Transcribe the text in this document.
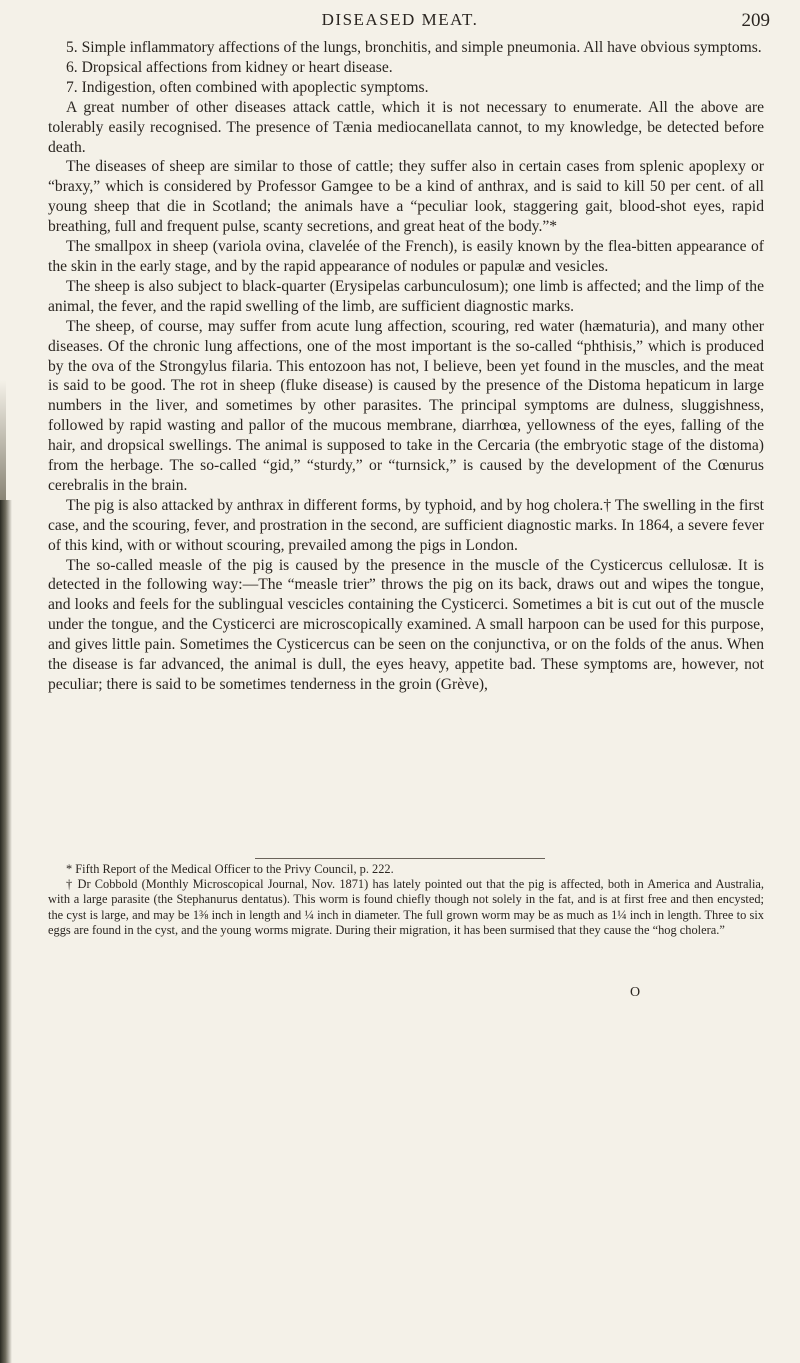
DISEASED MEAT.	209

5. Simple inflammatory affections of the lungs, bronchitis, and simple pneumonia. All have obvious symptoms.

6. Dropsical affections from kidney or heart disease.

7. Indigestion, often combined with apoplectic symptoms.

A great number of other diseases attack cattle, which it is not necessary to enumerate. All the above are tolerably easily recognised. The presence of Tænia mediocanellata cannot, to my knowledge, be detected before death.

The diseases of sheep are similar to those of cattle; they suffer also in certain cases from splenic apoplexy or “braxy,” which is considered by Professor Gamgee to be a kind of anthrax, and is said to kill 50 per cent. of all young sheep that die in Scotland; the animals have a “peculiar look, staggering gait, blood-shot eyes, rapid breathing, full and frequent pulse, scanty secretions, and great heat of the body.”*

The smallpox in sheep (variola ovina, clavelée of the French), is easily known by the flea-bitten appearance of the skin in the early stage, and by the rapid appearance of nodules or papulæ and vesicles.

The sheep is also subject to black-quarter (Erysipelas carbunculosum); one limb is affected; and the limp of the animal, the fever, and the rapid swelling of the limb, are sufficient diagnostic marks.

The sheep, of course, may suffer from acute lung affection, scouring, red water (hæmaturia), and many other diseases. Of the chronic lung affections, one of the most important is the so-called “phthisis,” which is produced by the ova of the Strongylus filaria. This entozoon has not, I believe, been yet found in the muscles, and the meat is said to be good. The rot in sheep (fluke disease) is caused by the presence of the Distoma hepaticum in large numbers in the liver, and sometimes by other parasites. The principal symptoms are dulness, sluggishness, followed by rapid wasting and pallor of the mucous membrane, diarrhœa, yellowness of the eyes, falling of the hair, and dropsical swellings. The animal is supposed to take in the Cercaria (the embryotic stage of the distoma) from the herbage. The so-called “gid,” “sturdy,” or “turnsick,” is caused by the development of the Cœnurus cerebralis in the brain.

The pig is also attacked by anthrax in different forms, by typhoid, and by hog cholera.† The swelling in the first case, and the scouring, fever, and prostration in the second, are sufficient diagnostic marks. In 1864, a severe fever of this kind, with or without scouring, prevailed among the pigs in London.

The so-called measle of the pig is caused by the presence in the muscle of the Cysticercus cellulosæ. It is detected in the following way:—The “measle trier” throws the pig on its back, draws out and wipes the tongue, and looks and feels for the sublingual vescicles containing the Cysticerci. Sometimes a bit is cut out of the muscle under the tongue, and the Cysticerci are microscopically examined. A small harpoon can be used for this purpose, and gives little pain. Sometimes the Cysticercus can be seen on the conjunctiva, or on the folds of the anus. When the disease is far advanced, the animal is dull, the eyes heavy, appetite bad. These symptoms are, however, not peculiar; there is said to be sometimes tenderness in the groin (Grève),

* Fifth Report of the Medical Officer to the Privy Council, p. 222.

† Dr Cobbold (Monthly Microscopical Journal, Nov. 1871) has lately pointed out that the pig is affected, both in America and Australia, with a large parasite (the Stephanurus dentatus). This worm is found chiefly though not solely in the fat, and is at first free and then encysted; the cyst is large, and may be 1⅜ inch in length and ¼ inch in diameter. The full grown worm may be as much as 1¼ inch in length. Three to six eggs are found in the cyst, and the young worms migrate. During their migration, it has been surmised that they cause the “hog cholera.”

O
